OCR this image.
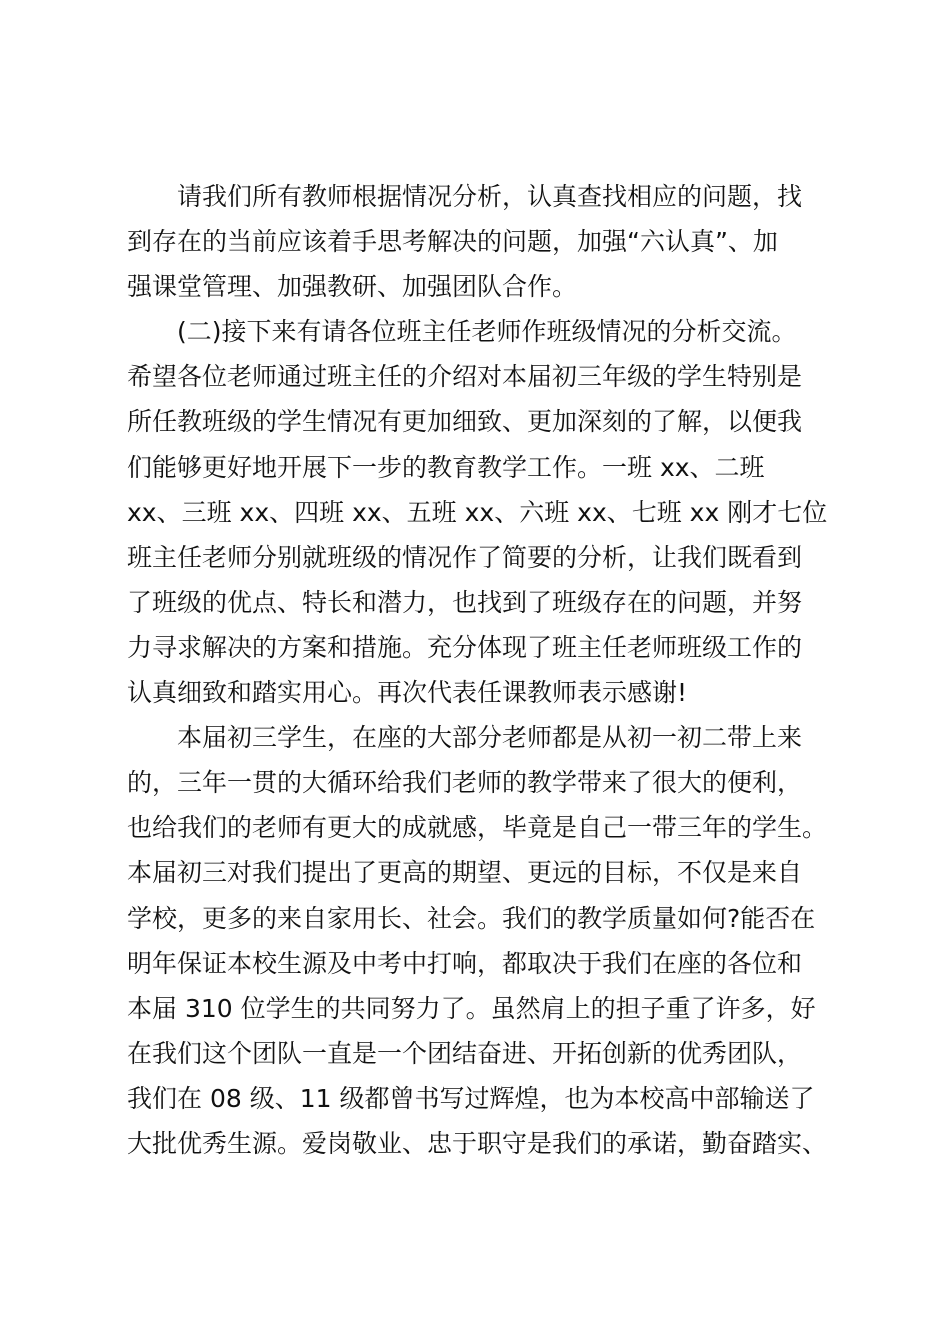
请我们所有教师根据情况分析，认真查找相应的问题，找
到存在的当前应该着手思考解决的问题，加强“六认真”、加
强课堂管理、加强教研、加强团队合作。

(二)接下来有请各位班主任老师作班级情况的分析交流。
希望各位老师通过班主任的介绍对本届初三年级的学生特别是
所任教班级的学生情况有更加细致、更加深刻的了解，以便我
们能够更好地开展下一步的教育教学工作。一班 xx、二班
xx、三班 xx、四班 xx、五班 xx、六班 xx、七班 xx 刚才七位
班主任老师分别就班级的情况作了简要的分析，让我们既看到
了班级的优点、特长和潜力，也找到了班级存在的问题，并努
力寻求解决的方案和措施。充分体现了班主任老师班级工作的
认真细致和踏实用心。再次代表任课教师表示感谢!

本届初三学生，在座的大部分老师都是从初一初二带上来
的，三年一贯的大循环给我们老师的教学带来了很大的便利，
也给我们的老师有更大的成就感，毕竟是自己一带三年的学生。
本届初三对我们提出了更高的期望、更远的目标，不仅是来自
学校，更多的来自家用长、社会。我们的教学质量如何?能否在
明年保证本校生源及中考中打响，都取决于我们在座的各位和
本届 310 位学生的共同努力了。虽然肩上的担子重了许多，好
在我们这个团队一直是一个团结奋进、开拓创新的优秀团队，
我们在 08 级、11 级都曾书写过辉煌，也为本校高中部输送了
大批优秀生源。爱岗敬业、忠于职守是我们的承诺，勤奋踏实、
